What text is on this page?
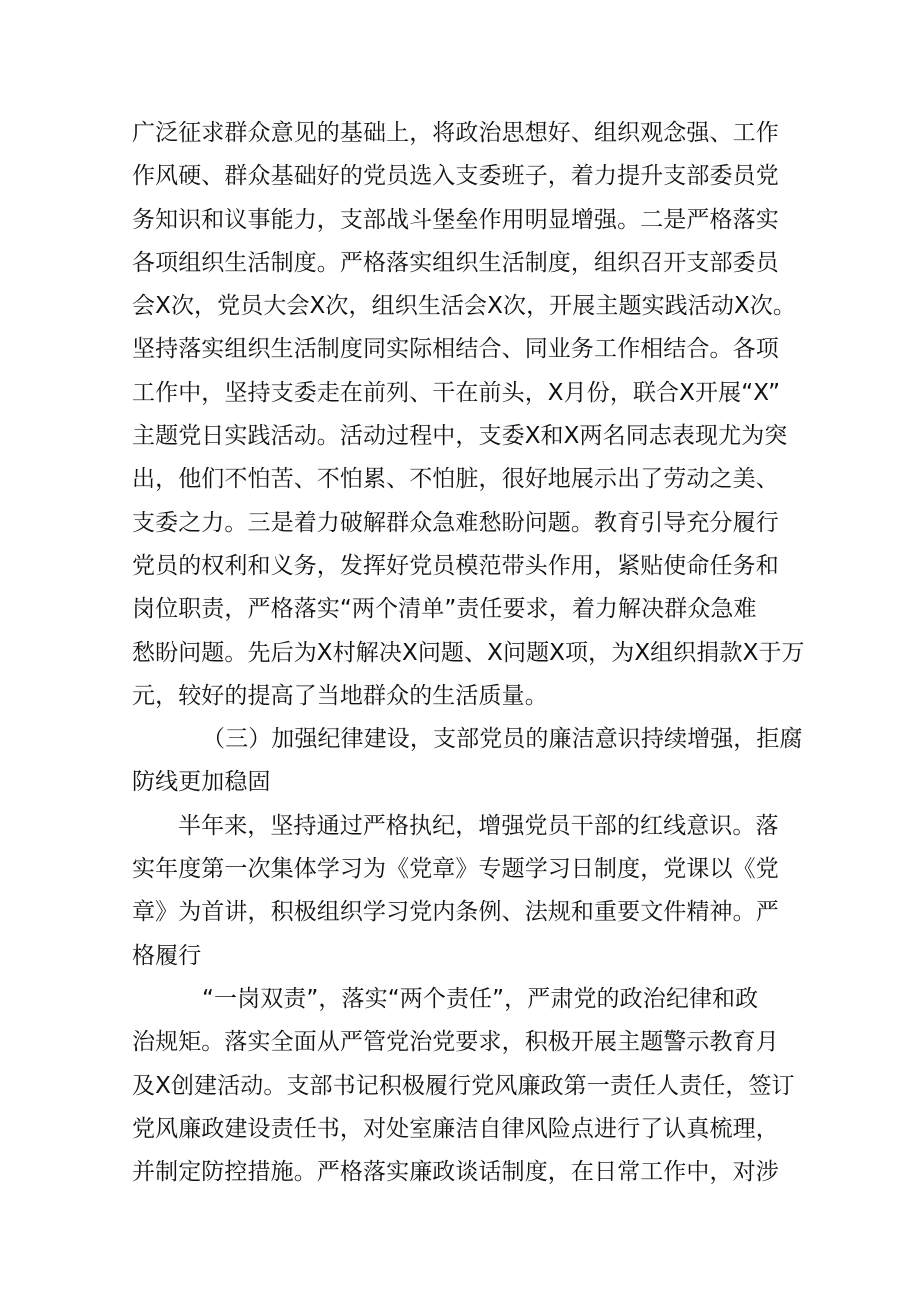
广泛征求群众意见的基础上，将政治思想好、组织观念强、工作
作风硬、群众基础好的党员选入支委班子，着力提升支部委员党
务知识和议事能力，支部战斗堡垒作用明显增强。二是严格落实
各项组织生活制度。严格落实组织生活制度，组织召开支部委员
会X次，党员大会X次，组织生活会X次，开展主题实践活动X次。
坚持落实组织生活制度同实际相结合、同业务工作相结合。各项
工作中，坚持支委走在前列、干在前头，X月份，联合X开展“X”
主题党日实践活动。活动过程中，支委X和X两名同志表现尤为突
出，他们不怕苦、不怕累、不怕脏，很好地展示出了劳动之美、
支委之力。三是着力破解群众急难愁盼问题。教育引导充分履行
党员的权利和义务，发挥好党员模范带头作用，紧贴使命任务和
岗位职责，严格落实“两个清单”责任要求，着力解决群众急难
愁盼问题。先后为X村解决X问题、X问题X项，为X组织捐款X于万
元，较好的提高了当地群众的生活质量。
（三）加强纪律建设，支部党员的廉洁意识持续增强，拒腐
防线更加稳固
半年来，坚持通过严格执纪，增强党员干部的红线意识。落
实年度第一次集体学习为《党章》专题学习日制度，党课以《党
章》为首讲，积极组织学习党内条例、法规和重要文件精神。严
格履行
“一岗双责”，落实“两个责任”，严肃党的政治纪律和政
治规矩。落实全面从严管党治党要求，积极开展主题警示教育月
及X创建活动。支部书记积极履行党风廉政第一责任人责任，签订
党风廉政建设责任书，对处室廉洁自律风险点进行了认真梳理，
并制定防控措施。严格落实廉政谈话制度，在日常工作中，对涉
